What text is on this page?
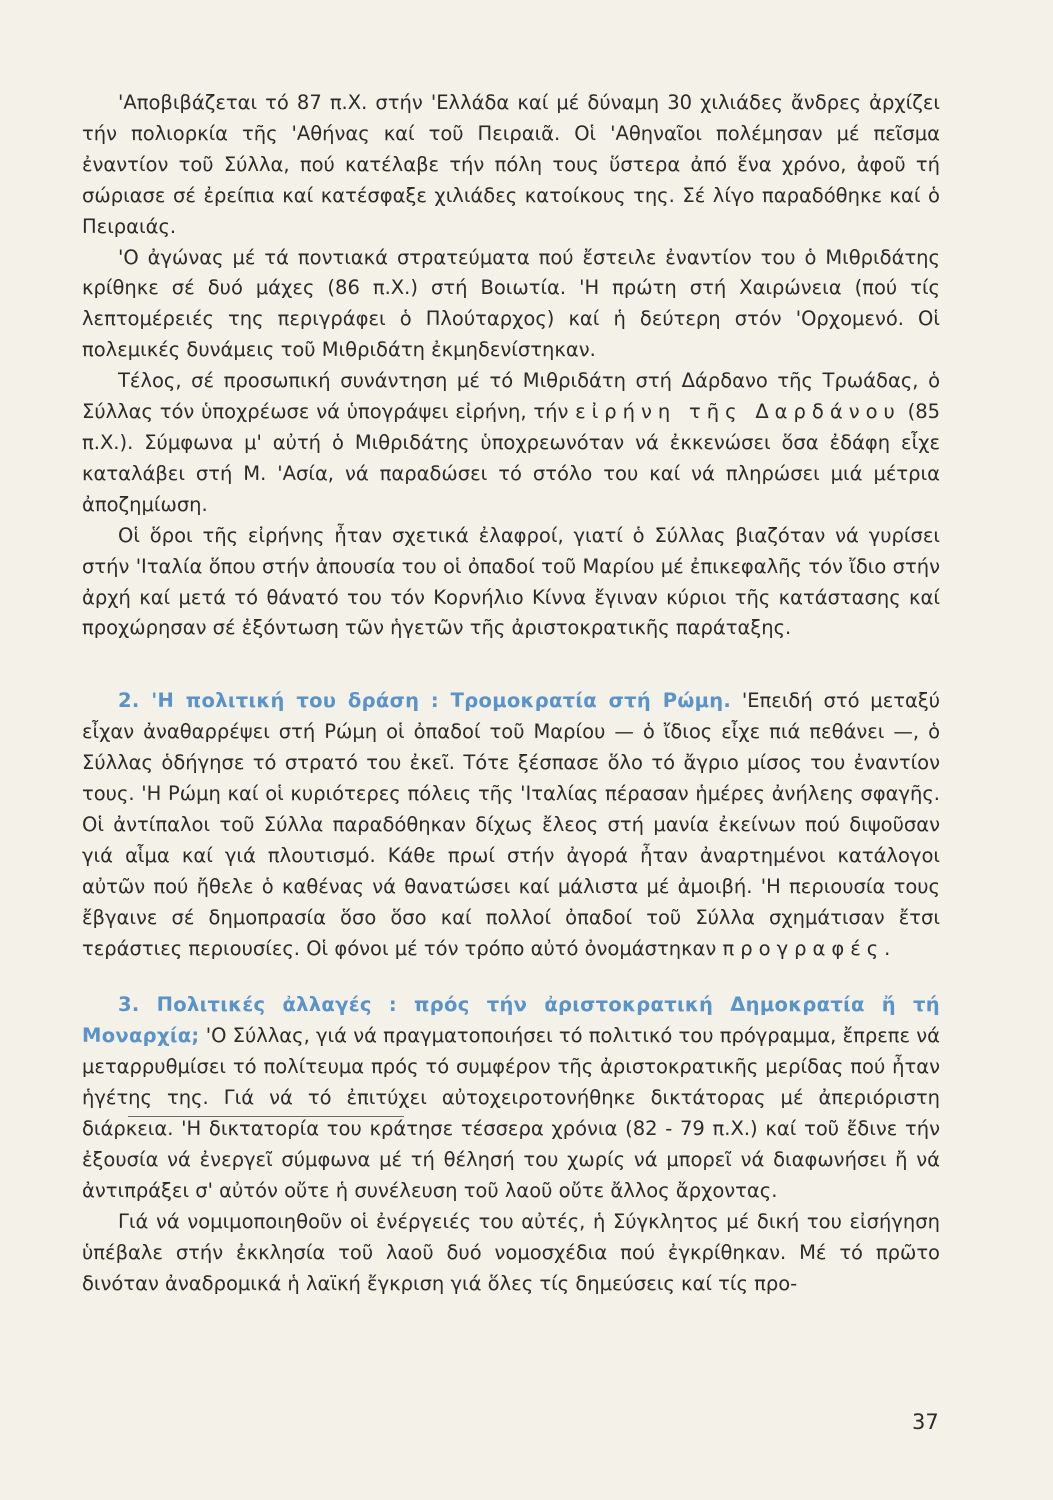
'Αποβιβάζεται τό 87 π.Χ. στήν 'Ελλάδα καί μέ δύναμη 30 χιλιάδες ἄνδρες ἀρχίζει τήν πολιορκία τῆς 'Αθήνας καί τοῦ Πειραιᾶ. Οἱ 'Αθηναῖοι πολέμησαν μέ πεῖσμα ἐναντίον τοῦ Σύλλα, πού κατέλαβε τήν πόλη τους ὕστερα ἀπό ἕνα χρόνο, ἀφοῦ τή σώριασε σέ ἐρείπια καί κατέσφαξε χιλιάδες κατοίκους της. Σέ λίγο παραδόθηκε καί ὁ Πειραιάς.

'Ο ἀγώνας μέ τά ποντιακά στρατεύματα πού ἔστειλε ἐναντίον του ὁ Μιθριδάτης κρίθηκε σέ δυό μάχες (86 π.Χ.) στή Βοιωτία. 'Η πρώτη στή Χαιρώνεια (πού τίς λεπτομέρειές της περιγράφει ὁ Πλούταρχος) καί ἡ δεύτερη στόν 'Ορχομενό. Οἱ πολεμικές δυνάμεις τοῦ Μιθριδάτη ἐκμηδενίστηκαν.

Τέλος, σέ προσωπική συνάντηση μέ τό Μιθριδάτη στή Δάρδανο τῆς Τρωάδας, ὁ Σύλλας τόν ὑποχρέωσε νά ὑπογράψει εἰρήνη, τήν εἰρήνη τῆς Δαρδάνου (85 π.Χ.). Σύμφωνα μ' αὐτή ὁ Μιθριδάτης ὑποχρεωνόταν νά ἐκκενώσει ὅσα ἐδάφη εἶχε καταλάβει στή Μ. 'Ασία, νά παραδώσει τό στόλο του καί νά πληρώσει μιά μέτρια ἀποζημίωση.

Οἱ ὅροι τῆς εἰρήνης ἦταν σχετικά ἐλαφροί, γιατί ὁ Σύλλας βιαζόταν νά γυρίσει στήν 'Ιταλία ὅπου στήν ἀπουσία του οἱ ὀπαδοί τοῦ Μαρίου μέ ἐπικεφαλῆς τόν ἴδιο στήν ἀρχή καί μετά τό θάνατό του τόν Κορνήλιο Κίννα ἔγιναν κύριοι τῆς κατάστασης καί προχώρησαν σέ ἐξόντωση τῶν ἡγετῶν τῆς ἀριστοκρατικῆς παράταξης.

2. 'Η πολιτική του δράση : Τρομοκρατία στή Ρώμη. 'Επειδή στό μεταξύ εἶχαν ἀναθαρρέψει στή Ρώμη οἱ ὀπαδοί τοῦ Μαρίου — ὁ ἴδιος εἶχε πιά πεθάνει —, ὁ Σύλλας ὁδήγησε τό στρατό του ἐκεῖ. Τότε ξέσπασε ὅλο τό ἄγριο μίσος του ἐναντίον τους. 'Η Ρώμη καί οἱ κυριότερες πόλεις τῆς 'Ιταλίας πέρασαν ἡμέρες ἀνήλεης σφαγῆς. Οἱ ἀντίπαλοι τοῦ Σύλλα παραδόθηκαν δίχως ἔλεος στή μανία ἐκείνων πού διψοῦσαν γιά αἷμα καί γιά πλουτισμό. Κάθε πρωί στήν ἀγορά ἦταν ἀναρτημένοι κατάλογοι αὐτῶν πού ἤθελε ὁ καθένας νά θανατώσει καί μάλιστα μέ ἀμοιβή. 'Η περιουσία τους ἔβγαινε σέ δημοπρασία ὅσο ὅσο καί πολλοί ὀπαδοί τοῦ Σύλλα σχημάτισαν ἔτσι τεράστιες περιουσίες. Οἱ φόνοι μέ τόν τρόπο αὐτό ὀνομάστηκαν προγραφές.

3. Πολιτικές ἀλλαγές : πρός τήν ἀριστοκρατική Δημοκρατία ἤ τή Μοναρχία; 'Ο Σύλλας, γιά νά πραγματοποιήσει τό πολιτικό του πρόγραμμα, ἔπρεπε νά μεταρρυθμίσει τό πολίτευμα πρός τό συμφέρον τῆς ἀριστοκρατικῆς μερίδας πού ἦταν ἡγέτης της. Γιά νά τό ἐπιτύχει αὐτοχειροτονήθηκε δικτάτορας μέ ἀπεριόριστη διάρκεια. 'Η δικτατορία του κράτησε τέσσερα χρόνια (82 - 79 π.Χ.) καί τοῦ ἔδινε τήν ἐξουσία νά ἐνεργεῖ σύμφωνα μέ τή θέλησή του χωρίς νά μπορεῖ νά διαφωνήσει ἤ νά ἀντιπράξει σ' αὐτόν οὔτε ἡ συνέλευση τοῦ λαοῦ οὔτε ἄλλος ἄρχοντας.

Γιά νά νομιμοποιηθοῦν οἱ ἐνέργειές του αὐτές, ἡ Σύγκλητος μέ δική του εἰσήγηση ὑπέβαλε στήν ἐκκλησία τοῦ λαοῦ δυό νομοσχέδια πού ἐγκρίθηκαν. Μέ τό πρῶτο δινόταν ἀναδρομικά ἡ λαϊκή ἔγκριση γιά ὅλες τίς δημεύσεις καί τίς προ-

37
